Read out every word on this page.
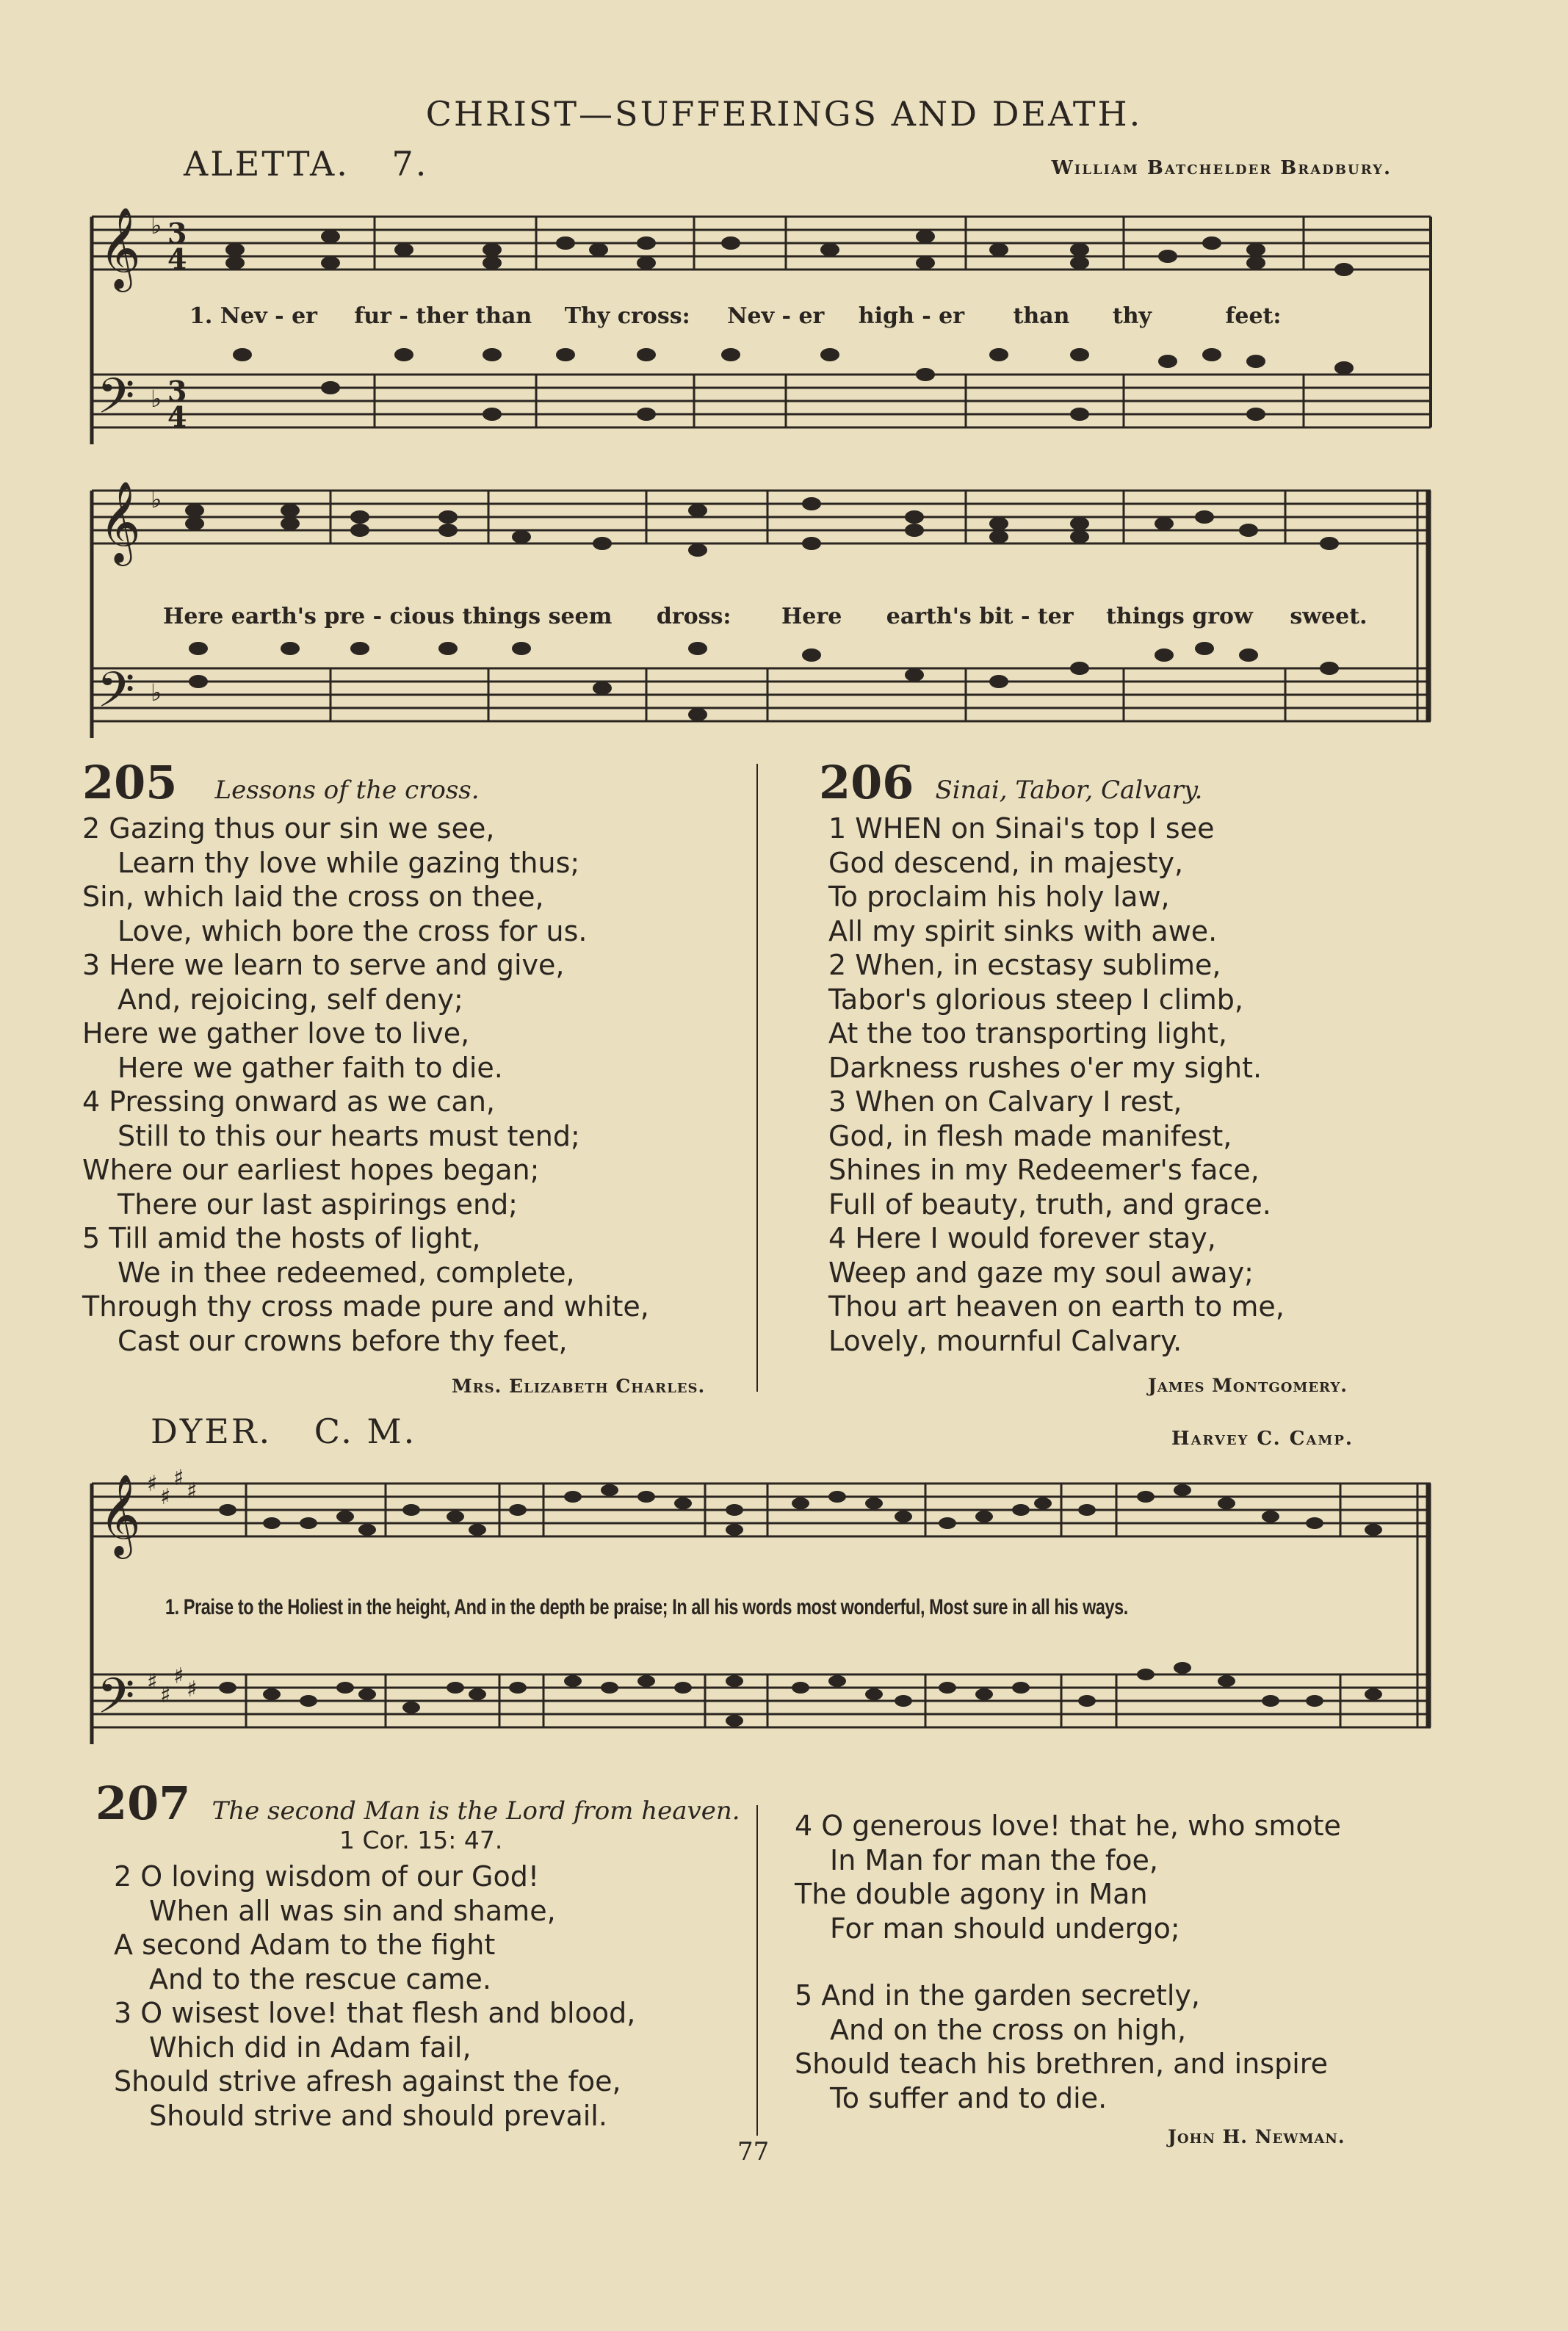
CHRIST—SUFFERINGS AND DEATH.
ALETTA. 7.	William Batchelder Bradbury.
𝄞
𝄢
𝄞
𝄢
♭
♭
♭
♭
3
4
3
4
1. Nev - er fur - ther than Thy cross: Nev - er high - er than thy	feet:
Here earth's pre - cious things seem dross: Here earth's bit - ter things grow sweet.
205 Lessons of the cross.
2 Gazing thus our sin we see,
Learn thy love while gazing thus;
Sin, which laid the cross on thee,
Love, which bore the cross for us.
3 Here we learn to serve and give,
And, rejoicing, self deny;
Here we gather love to live,
Here we gather faith to die.
4 Pressing onward as we can,
Still to this our hearts must tend;
Where our earliest hopes began;
There our last aspirings end;
5 Till amid the hosts of light,
We in thee redeemed, complete,
Through thy cross made pure and white,
Cast our crowns before thy feet,
Mrs. Elizabeth Charles.
206 Sinai, Tabor, Calvary.
1 WHEN on Sinai's top I see
God descend, in majesty,
To proclaim his holy law,
All my spirit sinks with awe.
2 When, in ecstasy sublime,
Tabor's glorious steep I climb,
At the too transporting light,
Darkness rushes o'er my sight.
3 When on Calvary I rest,
God, in flesh made manifest,
Shines in my Redeemer's face,
Full of beauty, truth, and grace.
4 Here I would forever stay,
Weep and gaze my soul away;
Thou art heaven on earth to me,
Lovely, mournful Calvary.
James Montgomery.
DYER. C. M.	Harvey C. Camp.
𝄞
𝄢
♯
♯
♯
♯
♯
♯
♯
♯
1. Praise to the Holiest in the height, And in the depth be praise; In all his words most wonderful, Most sure in all his ways.
207 The second Man is the Lord from heaven.
1 Cor. 15: 47.
2 O loving wisdom of our God!
When all was sin and shame,
A second Adam to the fight
And to the rescue came.
3 O wisest love! that flesh and blood,
Which did in Adam fail,
Should strive afresh against the foe,
Should strive and should prevail.
4 O generous love! that he, who smote
In Man for man the foe,
The double agony in Man
For man should undergo;
5 And in the garden secretly,
And on the cross on high,
Should teach his brethren, and inspire
To suffer and to die.
John H. Newman.
77
